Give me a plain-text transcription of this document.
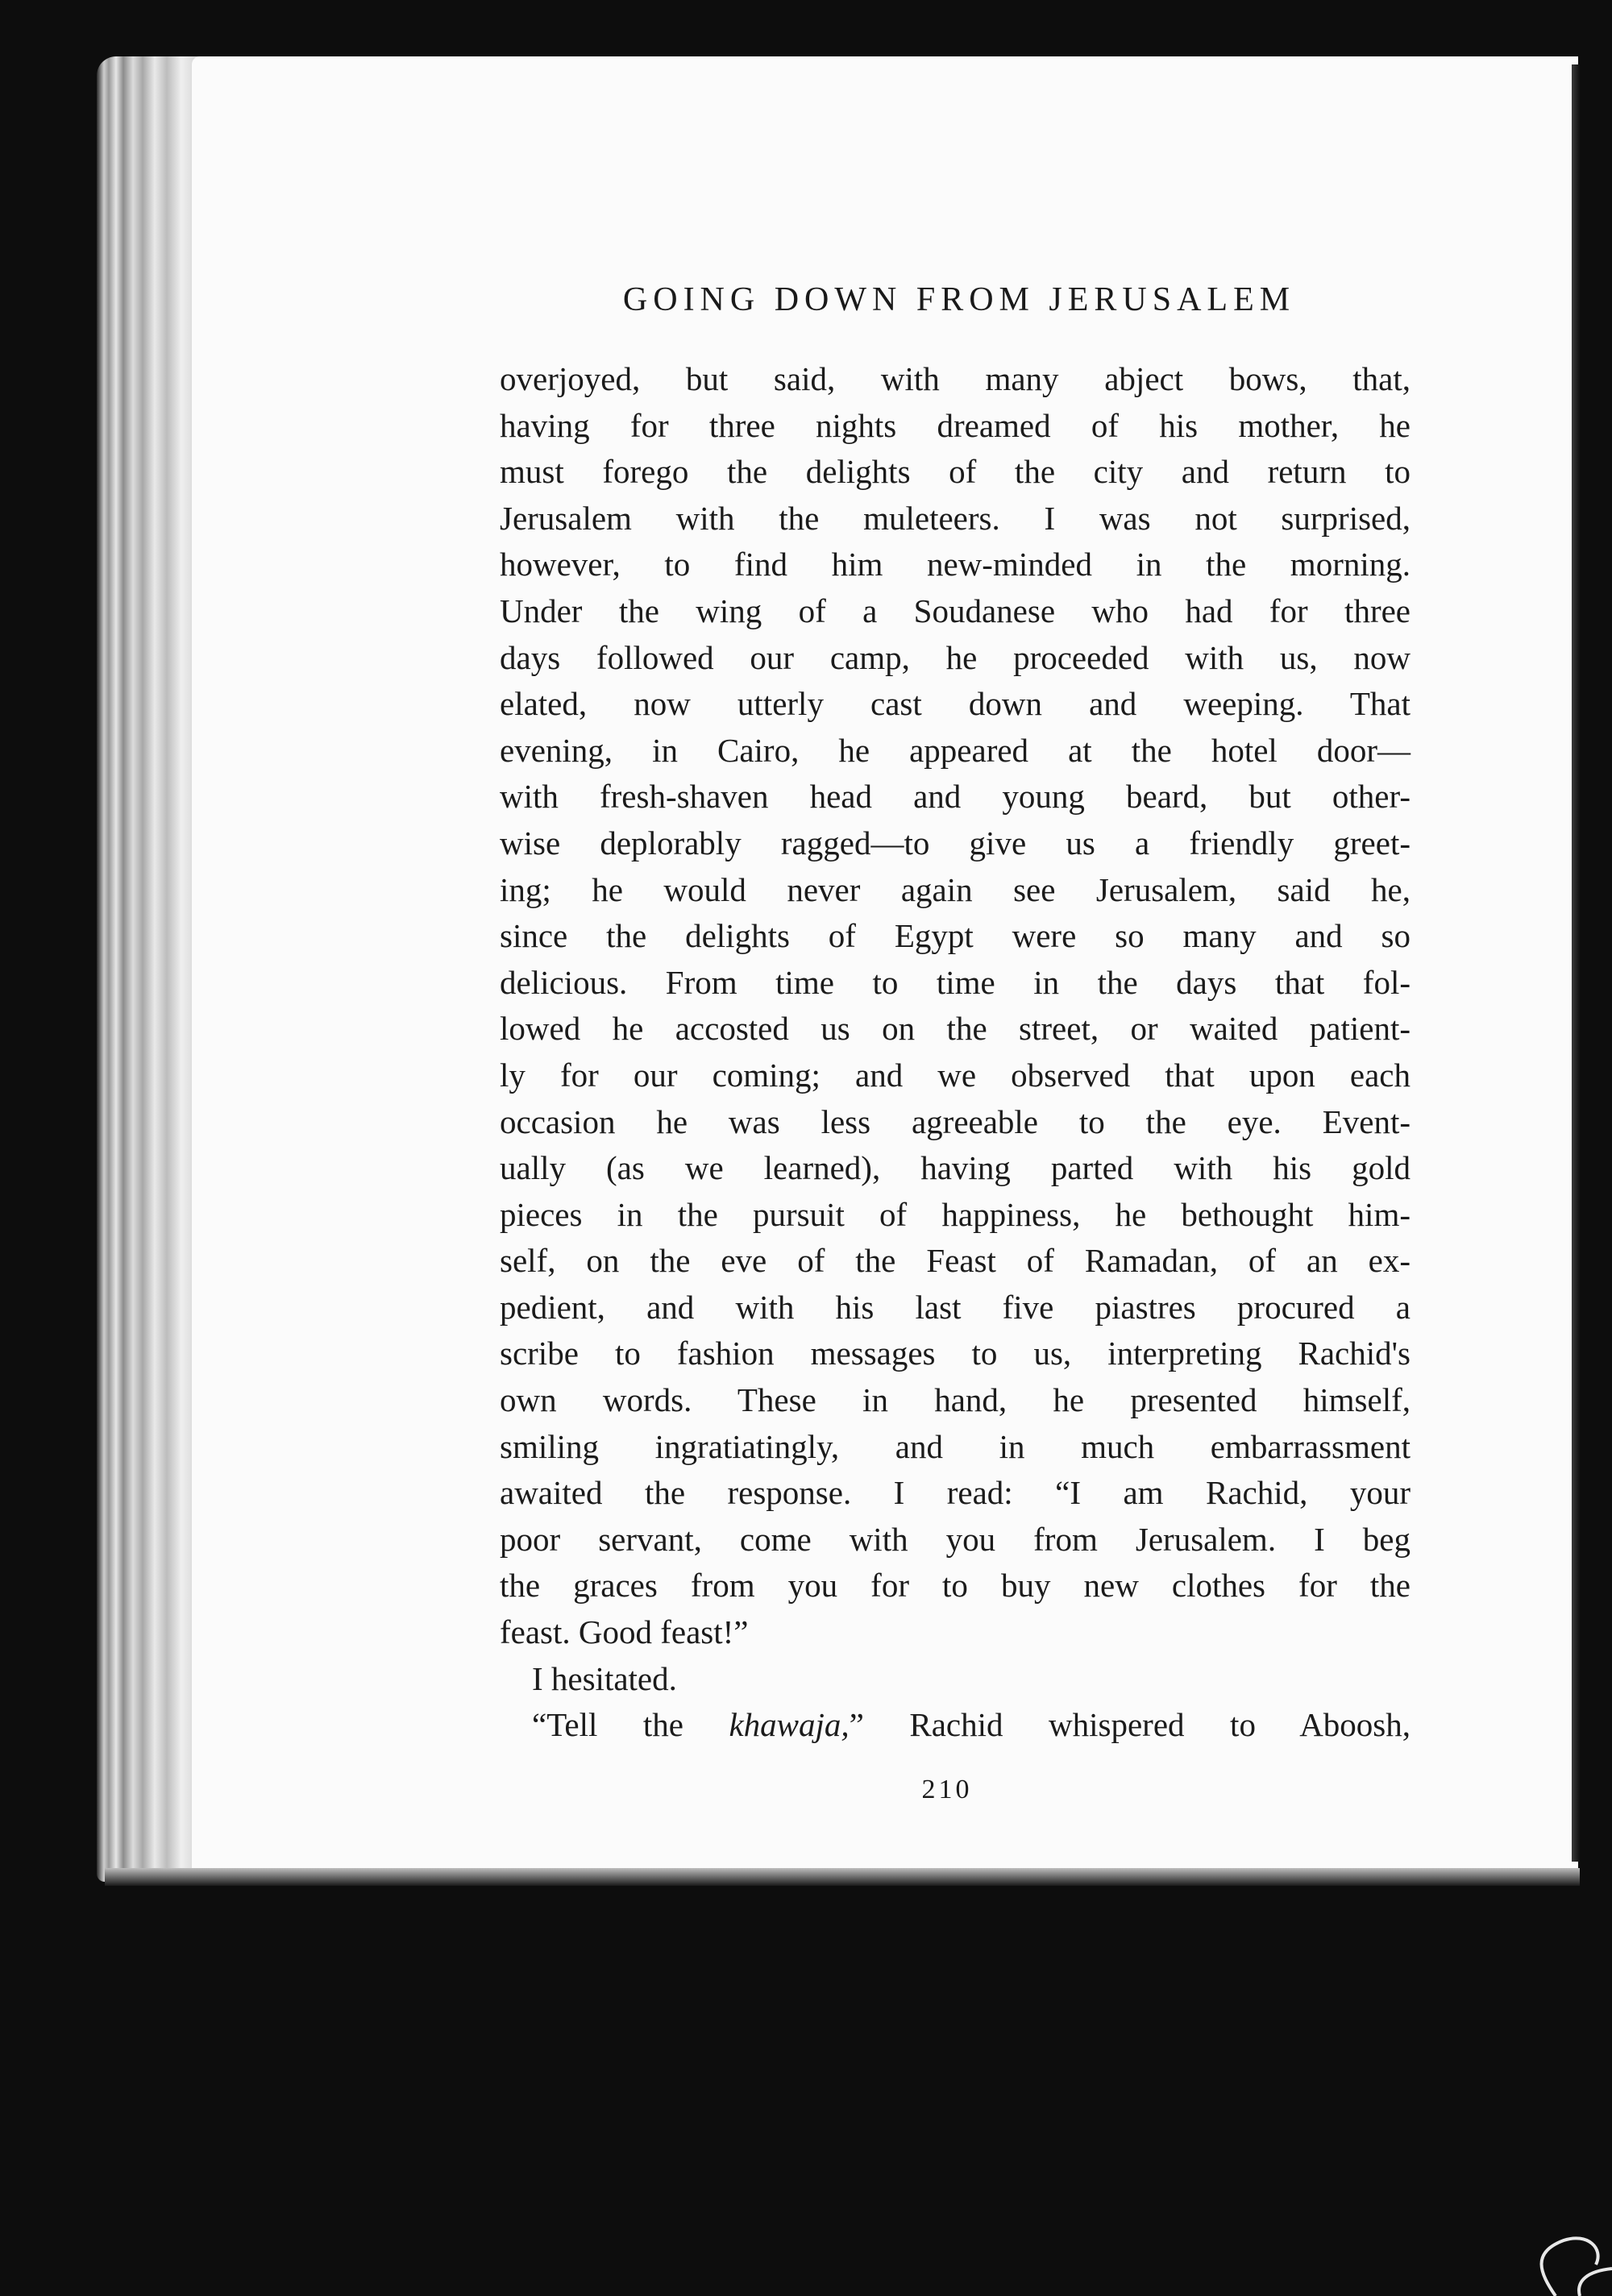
GOING DOWN FROM JERUSALEM
overjoyed, but said, with many abject bows, that,
having for three nights dreamed of his mother, he
must forego the delights of the city and return to
Jerusalem with the muleteers. I was not surprised,
however, to find him new-minded in the morning.
Under the wing of a Soudanese who had for three
days followed our camp, he proceeded with us, now
elated, now utterly cast down and weeping. That
evening, in Cairo, he appeared at the hotel door—
with fresh-shaven head and young beard, but other-
wise deplorably ragged—to give us a friendly greet-
ing; he would never again see Jerusalem, said he,
since the delights of Egypt were so many and so
delicious. From time to time in the days that fol-
lowed he accosted us on the street, or waited patient-
ly for our coming; and we observed that upon each
occasion he was less agreeable to the eye. Event-
ually (as we learned), having parted with his gold
pieces in the pursuit of happiness, he bethought him-
self, on the eve of the Feast of Ramadan, of an ex-
pedient, and with his last five piastres procured a
scribe to fashion messages to us, interpreting Rachid's
own words. These in hand, he presented himself,
smiling ingratiatingly, and in much embarrassment
awaited the response. I read: “I am Rachid, your
poor servant, come with you from Jerusalem. I beg
the graces from you for to buy new clothes for the
feast. Good feast!”
I hesitated.
“Tell the khawaja,” Rachid whispered to Aboosh,
210
